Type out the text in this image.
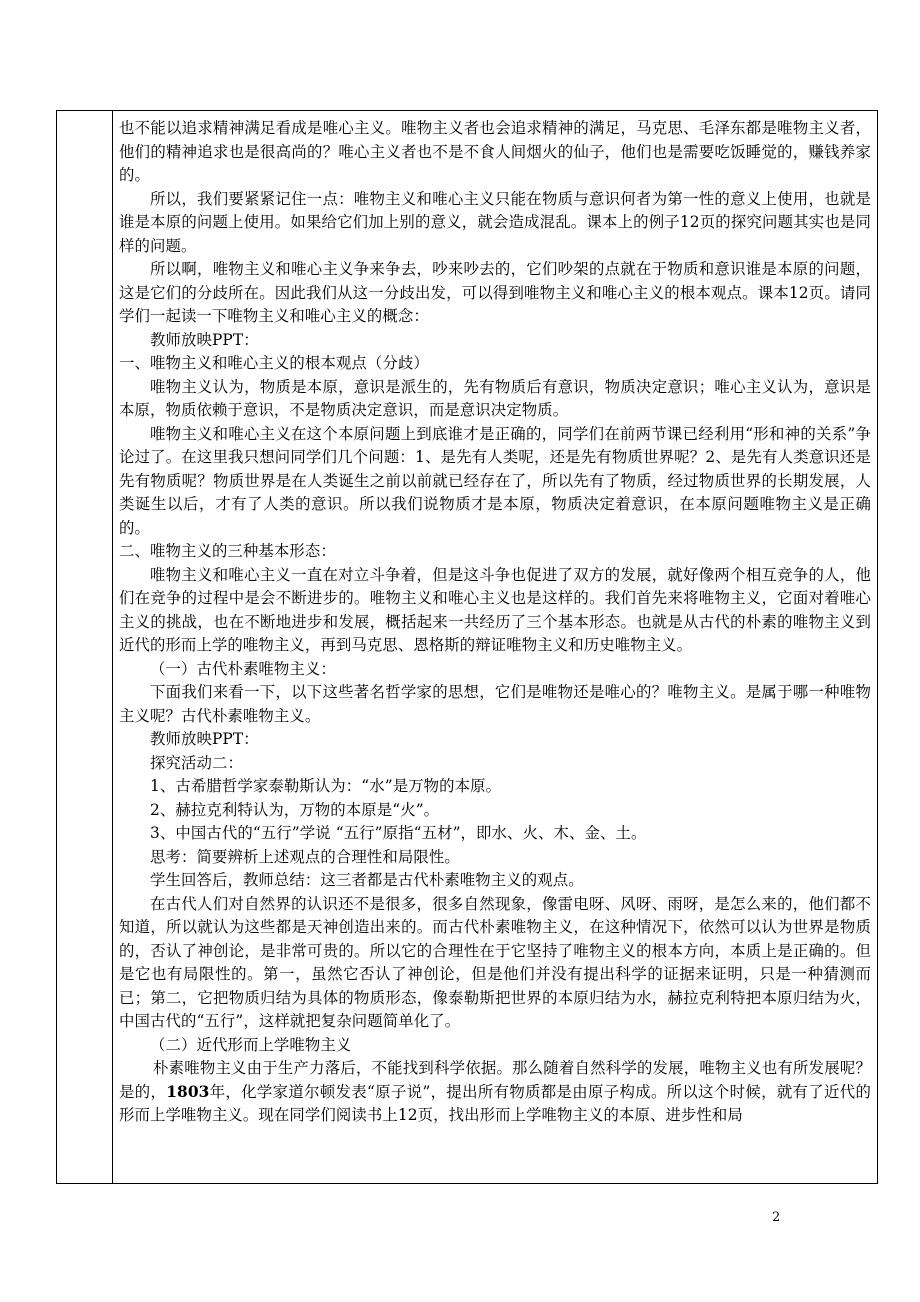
也不能以追求精神满足看成是唯心主义。唯物主义者也会追求精神的满足，马克思、毛泽东都是唯物主义者，他们的精神追求也是很高尚的？唯心主义者也不是不食人间烟火的仙子，他们也是需要吃饭睡觉的，赚钱养家的。

所以，我们要紧紧记住一点：唯物主义和唯心主义只能在物质与意识何者为第一性的意义上使用，也就是谁是本原的问题上使用。如果给它们加上别的意义，就会造成混乱。课本上的例子12页的探究问题其实也是同样的问题。

所以啊，唯物主义和唯心主义争来争去，吵来吵去的，它们吵架的点就在于物质和意识谁是本原的问题，这是它们的分歧所在。因此我们从这一分歧出发，可以得到唯物主义和唯心主义的根本观点。课本12页。请同学们一起读一下唯物主义和唯心主义的概念：

教师放映PPT：

一、唯物主义和唯心主义的根本观点（分歧）

唯物主义认为，物质是本原，意识是派生的，先有物质后有意识，物质决定意识；唯心主义认为，意识是本原，物质依赖于意识，不是物质决定意识，而是意识决定物质。

唯物主义和唯心主义在这个本原问题上到底谁才是正确的，同学们在前两节课已经利用“形和神的关系”争论过了。在这里我只想问同学们几个问题：1、是先有人类呢，还是先有物质世界呢？2、是先有人类意识还是先有物质呢？物质世界是在人类诞生之前以前就已经存在了，所以先有了物质，经过物质世界的长期发展，人类诞生以后，才有了人类的意识。所以我们说物质才是本原，物质决定着意识，在本原问题唯物主义是正确的。

二、唯物主义的三种基本形态：

唯物主义和唯心主义一直在对立斗争着，但是这斗争也促进了双方的发展，就好像两个相互竞争的人，他们在竞争的过程中是会不断进步的。唯物主义和唯心主义也是这样的。我们首先来将唯物主义，它面对着唯心主义的挑战，也在不断地进步和发展，概括起来一共经历了三个基本形态。也就是从古代的朴素的唯物主义到近代的形而上学的唯物主义，再到马克思、恩格斯的辩证唯物主义和历史唯物主义。

（一）古代朴素唯物主义：

下面我们来看一下，以下这些著名哲学家的思想，它们是唯物还是唯心的？唯物主义。是属于哪一种唯物主义呢？古代朴素唯物主义。

教师放映PPT：

探究活动二：

1、古希腊哲学家泰勒斯认为：“水”是万物的本原。

2、赫拉克利特认为，万物的本原是“火”。

3、中国古代的“五行”学说 “五行”原指“五材”，即水、火、木、金、土。

思考：简要辨析上述观点的合理性和局限性。

学生回答后，教师总结：这三者都是古代朴素唯物主义的观点。

在古代人们对自然界的认识还不是很多，很多自然现象，像雷电呀、风呀、雨呀，是怎么来的，他们都不知道，所以就认为这些都是天神创造出来的。而古代朴素唯物主义，在这种情况下，依然可以认为世界是物质的，否认了神创论，是非常可贵的。所以它的合理性在于它坚持了唯物主义的根本方向，本质上是正确的。但是它也有局限性的。第一，虽然它否认了神创论，但是他们并没有提出科学的证据来证明，只是一种猜测而已；第二，它把物质归结为具体的物质形态，像泰勒斯把世界的本原归结为水，赫拉克利特把本原归结为火，中国古代的“五行”，这样就把复杂问题简单化了。

（二）近代形而上学唯物主义

朴素唯物主义由于生产力落后，不能找到科学依据。那么随着自然科学的发展，唯物主义也有所发展呢？是的，1803年，化学家道尔顿发表“原子说”，提出所有物质都是由原子构成。所以这个时候，就有了近代的形而上学唯物主义。现在同学们阅读书上12页，找出形而上学唯物主义的本原、进步性和局

2
